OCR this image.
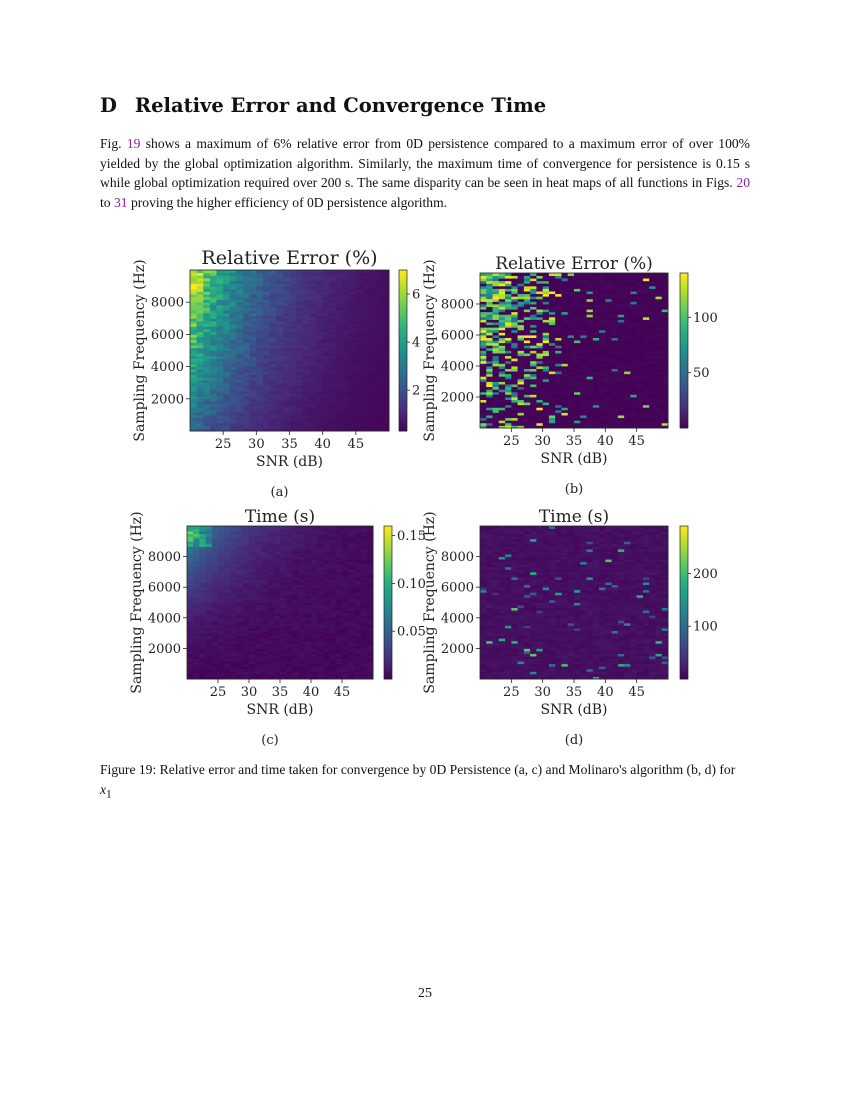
D Relative Error and Convergence Time

Fig. 19 shows a maximum of 6% relative error from 0D persistence compared to a maximum error of over 100% yielded by the global optimization algorithm. Similarly, the maximum time of convergence for persistence is 0.15 s while global optimization required over 200 s. The same disparity can be seen in heat maps of all functions in Figs. 20 to 31 proving the higher efficiency of 0D persistence algorithm.

Relative Error (%)
25 30 35 40 45
2000
4000
6000
8000
SNR (dB)
Sampling Frequency (Hz)	2
4
6
(a)
Relative Error (%)
25 30 35 40 45
2000
4000
6000
8000
SNR (dB)
Sampling Frequency (Hz)	50
100
(b)
Time (s)
25 30 35 40 45
2000
4000
6000
8000
SNR (dB)
Sampling Frequency (Hz)	0.05
0.10
0.15
(c)
Time (s)
25 30 35 40 45
2000
4000
6000
8000
SNR (dB)
Sampling Frequency (Hz)	100
200
(d)

Figure 19: Relative error and time taken for convergence by 0D Persistence (a, c) and Molinaro's algorithm (b, d) for $x_1$

25
